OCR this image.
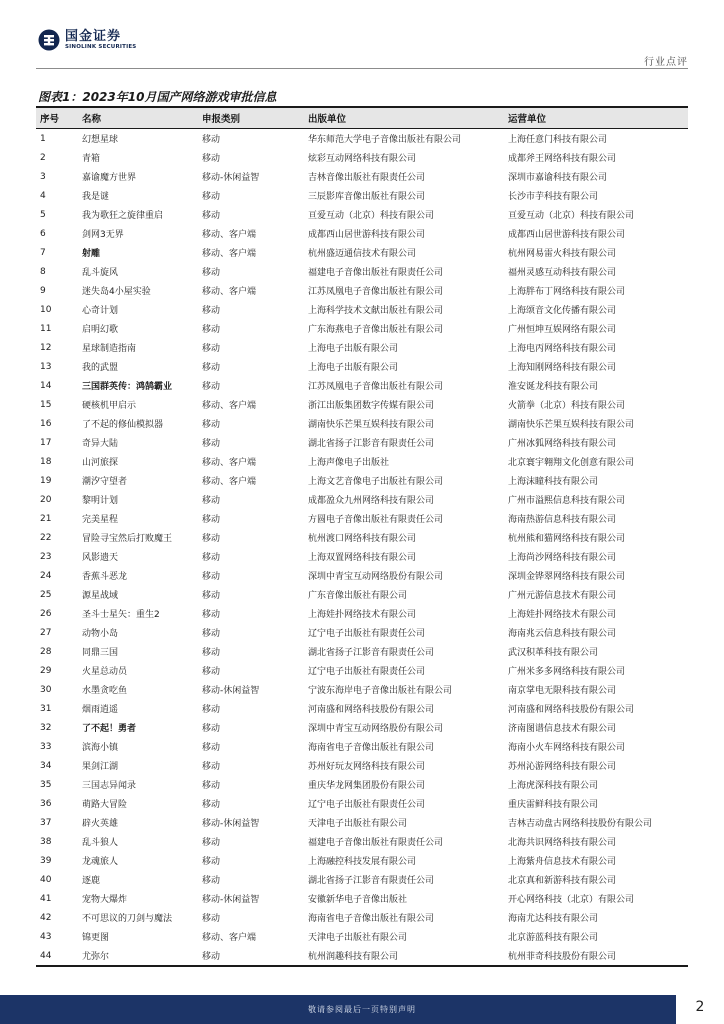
国金证券
SINOLINK SECURITIES
行业点评
图表1：2023年10月国产网络游戏审批信息
序号	名称	申报类别	出版单位	运营单位
1	幻想星球	移动	华东师范大学电子音像出版社有限公司	上海任意门科技有限公司
2	青箱	移动	炫彩互动网络科技有限公司	成都斧王网络科技有限公司
3	嘉谕魔方世界	移动-休闲益智	吉林音像出版社有限责任公司	深圳市嘉谕科技有限公司
4	我是谜	移动	三辰影库音像出版社有限公司	长沙市芋科技有限公司
5	我为歌狂之旋律重启	移动	亘爱互动（北京）科技有限公司	亘爱互动（北京）科技有限公司
6	剑网3无界	移动、客户端	成都西山居世游科技有限公司	成都西山居世游科技有限公司
7	射雕	移动、客户端	杭州盛迈通信技术有限公司	杭州网易雷火科技有限公司
8	乱斗旋风	移动	福建电子音像出版社有限责任公司	福州灵感互动科技有限公司
9	迷失岛4小屋实验	移动、客户端	江苏凤凰电子音像出版社有限公司	上海胖布丁网络科技有限公司
10	心奇计划	移动	上海科学技术文献出版社有限公司	上海颂音文化传播有限公司
11	启明幻歌	移动	广东海燕电子音像出版社有限公司	广州恒坤互娱网络有限公司
12	星球制造指南	移动	上海电子出版有限公司	上海电丙网络科技有限公司
13	我的武盟	移动	上海电子出版有限公司	上海知刚网络科技有限公司
14	三国群英传：鸿鹄霸业	移动	江苏凤凰电子音像出版社有限公司	淮安诞龙科技有限公司
15	硬核机甲启示	移动、客户端	浙江出版集团数字传媒有限公司	火箭拳（北京）科技有限公司
16	了不起的修仙模拟器	移动	湖南快乐芒果互娱科技有限公司	湖南快乐芒果互娱科技有限公司
17	奇异大陆	移动	湖北省扬子江影音有限责任公司	广州冰狐网络科技有限公司
18	山河旅探	移动、客户端	上海声像电子出版社	北京寰宇翱翔文化创意有限公司
19	潮汐守望者	移动、客户端	上海文艺音像电子出版社有限公司	上海沫瞳科技有限公司
20	黎明计划	移动	成都盈众九州网络科技有限公司	广州市溢熙信息科技有限公司
21	完美星程	移动	方圆电子音像出版社有限责任公司	海南热游信息科技有限公司
22	冒险寻宝然后打败魔王	移动	杭州渡口网络科技有限公司	杭州熊和猫网络科技有限公司
23	风影遗天	移动	上海双置网络科技有限公司	上海尚沙网络科技有限公司
24	香蕉斗恶龙	移动	深圳中青宝互动网络股份有限公司	深圳金铧翠网络科技有限公司
25	源星战域	移动	广东音像出版社有限公司	广州元游信息技术有限公司
26	圣斗士星矢：重生2	移动	上海娃扑网络技术有限公司	上海娃扑网络技术有限公司
27	动物小岛	移动	辽宁电子出版社有限责任公司	海南兆云信息科技有限公司
28	同鼎三国	移动	湖北省扬子江影音有限责任公司	武汉积革科技有限公司
29	火星总动员	移动	辽宁电子出版社有限责任公司	广州米多多网络科技有限公司
30	水墨贪吃鱼	移动-休闲益智	宁波东海岸电子音像出版社有限公司	南京掌电无限科技有限公司
31	烟雨逍遥	移动	河南盛和网络科技股份有限公司	河南盛和网络科技股份有限公司
32	了不起！勇者	移动	深圳中青宝互动网络股份有限公司	济南图谱信息技术有限公司
33	滨海小镇	移动	海南省电子音像出版社有限公司	海南小火车网络科技有限公司
34	果剑江湖	移动	苏州好玩友网络科技有限公司	苏州沁游网络科技有限公司
35	三国志异闻录	移动	重庆华龙网集团股份有限公司	上海虎深科技有限公司
36	萌路大冒险	移动	辽宁电子出版社有限责任公司	重庆雷鲜科技有限公司
37	辟火英雄	移动-休闲益智	天津电子出版社有限公司	吉林吉动盘古网络科技股份有限公司
38	乱斗狼人	移动	福建电子音像出版社有限责任公司	北海共识网络科技有限公司
39	龙魂旅人	移动	上海融控科技发展有限公司	上海紫舟信息技术有限公司
40	逐鹿	移动	湖北省扬子江影音有限责任公司	北京真和新游科技有限公司
41	宠物大爆炸	移动-休闲益智	安徽新华电子音像出版社	开心网络科技（北京）有限公司
42	不可思议的刀剑与魔法	移动	海南省电子音像出版社有限公司	海南尤达科技有限公司
43	锦更图	移动、客户端	天津电子出版社有限公司	北京游蓝科技有限公司
44	尤弥尔	移动	杭州润趣科技有限公司	杭州菲奇科技股份有限公司
敬请参阅最后一页特别声明	2
